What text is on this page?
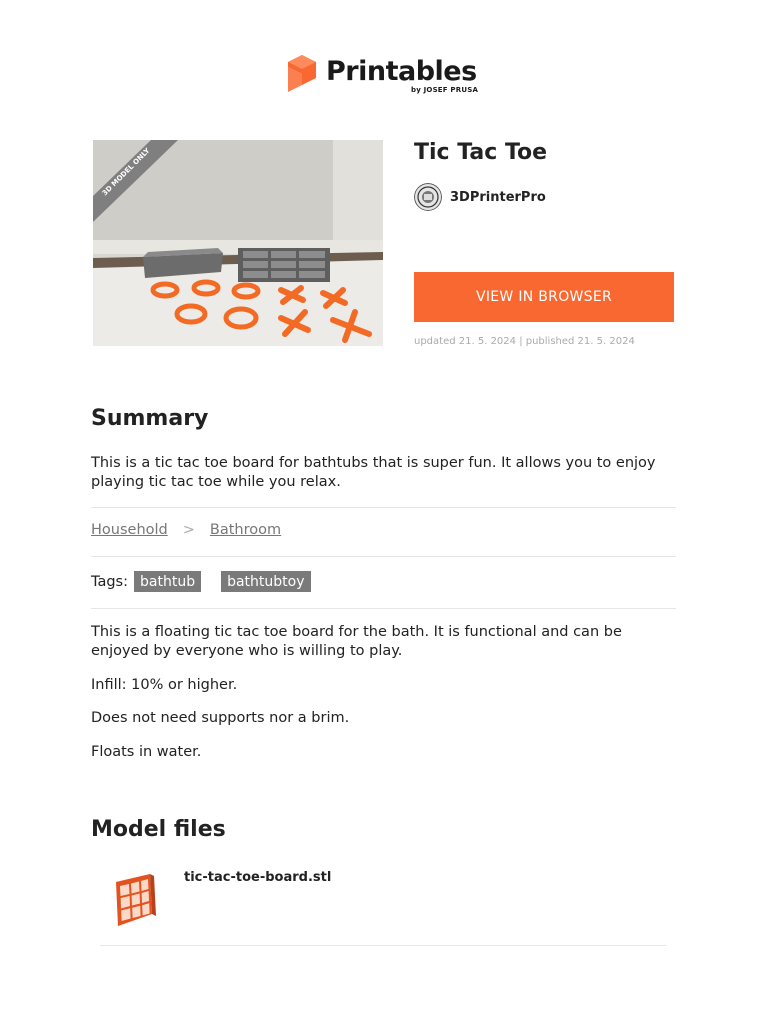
Printables
by JOSEF PRUSA
3D MODEL ONLY	Tic Tac Toe
3DPrinterPro
VIEW IN BROWSER
updated 21. 5. 2024 | published 21. 5. 2024
Summary
This is a tic tac toe board for bathtubs that is super fun. It allows you to enjoy playing tic tac toe while you relax.
Household > Bathroom
Tags: bathtub	bathtubtoy
This is a floating tic tac toe board for the bath. It is functional and can be enjoyed by everyone who is willing to play.
Infill: 10% or higher.
Does not need supports nor a brim.
Floats in water.
Model files
tic-tac-toe-board.stl
